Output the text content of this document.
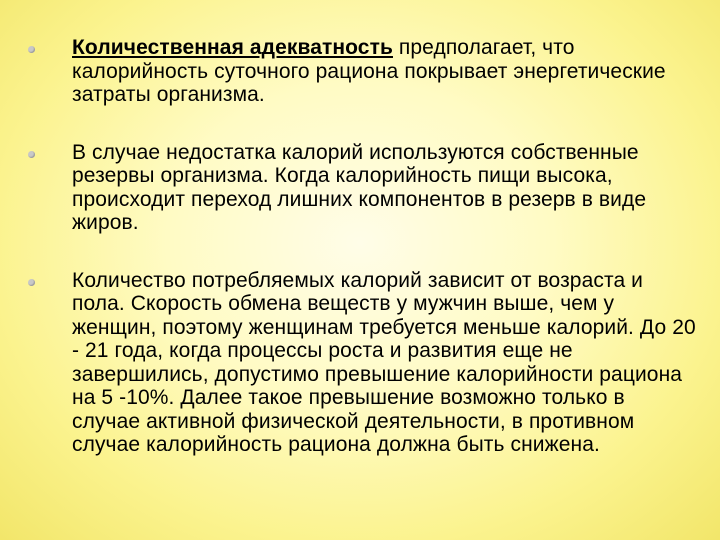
Количественная адекватность предполагает, что калорийность суточного рациона покрывает энергетические затраты организма.
В случае недостатка калорий используются собственные резервы организма. Когда калорийность пищи высока, происходит переход лишних компонентов в резерв в виде жиров.
Количество потребляемых калорий зависит от возраста и пола. Скорость обмена веществ у мужчин выше, чем у женщин, поэтому женщинам требуется меньше калорий. До 20 - 21 года, когда процессы роста и развития еще не завершились, допустимо превышение калорийности рациона на 5 -10%. Далее такое превышение возможно только в случае активной физической деятельности, в противном случае калорийность рациона должна быть снижена.
